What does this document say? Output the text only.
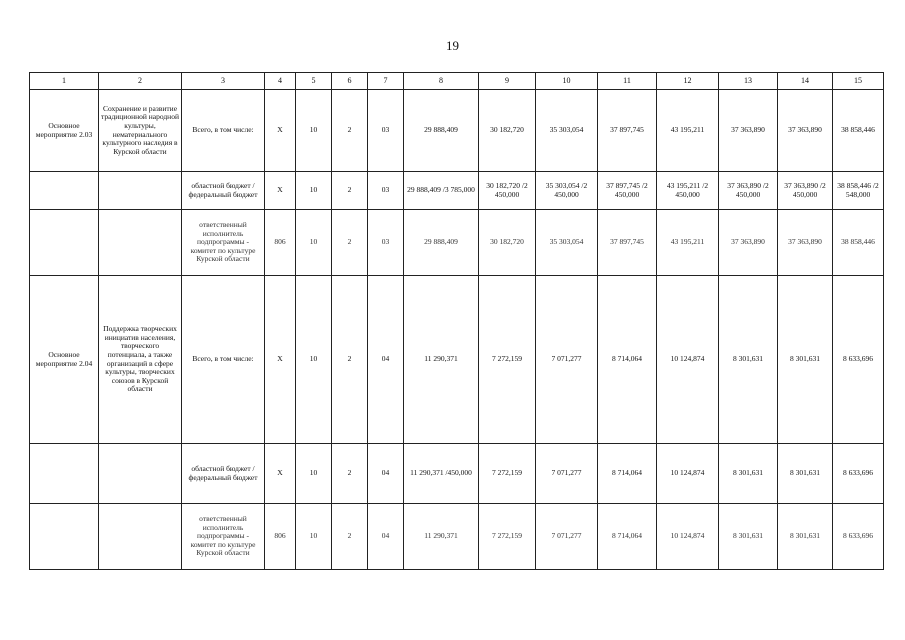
19
1	2	3	4	5	6	7	8	9	10	11	12	13	14	15
Основное мероприятие 2.03	Сохранение и развитие традиционной народной культуры, нематериального культурного наследия в Курской области	Всего, в том числе:	X	10	2	03	29 888,409	30 182,720	35 303,054	37 897,745	43 195,211	37 363,890	37 363,890	38 858,446
		областной бюджет /федеральный бюджет	X	10	2	03	29 888,409 /3 785,000	30 182,720 /2 450,000	35 303,054 /2 450,000	37 897,745 /2 450,000	43 195,211 /2 450,000	37 363,890 /2 450,000	37 363,890 /2 450,000	38 858,446 /2 548,000
		ответственный исполнитель подпрограммы - комитет по культуре Курской области	806	10	2	03	29 888,409	30 182,720	35 303,054	37 897,745	43 195,211	37 363,890	37 363,890	38 858,446
Основное мероприятие 2.04	Поддержка творческих инициатив населения, творческого потенциала, а также организаций в сфере культуры, творческих союзов в Курской области	Всего, в том числе:	X	10	2	04	11 290,371	7 272,159	7 071,277	8 714,064	10 124,874	8 301,631	8 301,631	8 633,696
		областной бюджет /федеральный бюджет	X	10	2	04	11 290,371 /450,000	7 272,159	7 071,277	8 714,064	10 124,874	8 301,631	8 301,631	8 633,696
		ответственный исполнитель подпрограммы - комитет по культуре Курской области	806	10	2	04	11 290,371	7 272,159	7 071,277	8 714,064	10 124,874	8 301,631	8 301,631	8 633,696
